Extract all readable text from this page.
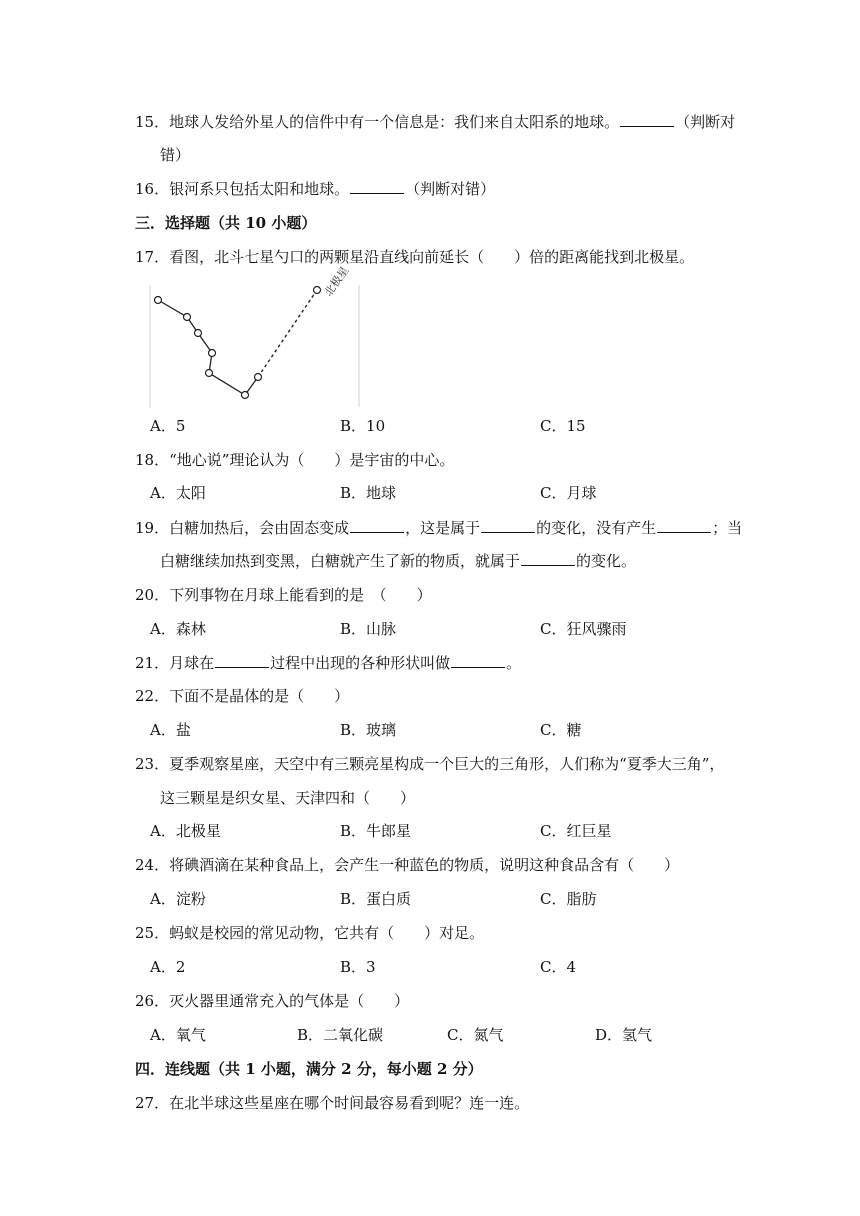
15．地球人发给外星人的信件中有一个信息是：我们来自太阳系的地球。	（判断对
错）
16．银河系只包括太阳和地球。	（判断对错）
三．选择题（共 10 小题）
17．看图，北斗七星勺口的两颗星沿直线向前延长（　　）倍的距离能找到北极星。
北极星
A．5	B．10	C．15
18．“地心说”理论认为（　　）是宇宙的中心。
A．太阳	B．地球	C．月球
19．白糖加热后，会由固态变成	，这是属于	的变化，没有产生	；当
白糖继续加热到变黑，白糖就产生了新的物质，就属于	的变化。
20．下列事物在月球上能看到的是　（　　）
A．森林	B．山脉	C．狂风骤雨
21．月球在	过程中出现的各种形状叫做	。
22．下面不是晶体的是（　　）
A．盐	B．玻璃	C．糖
23．夏季观察星座，天空中有三颗亮星构成一个巨大的三角形，人们称为“夏季大三角”，
这三颗星是织女星、天津四和（　　）
A．北极星	B．牛郎星	C．红巨星
24．将碘酒滴在某种食品上，会产生一种蓝色的物质，说明这种食品含有（　　）
A．淀粉	B．蛋白质	C．脂肪
25．蚂蚁是校园的常见动物，它共有（　　）对足。
A．2	B．3	C．4
26．灭火器里通常充入的气体是（　　）
A．氧气	B．二氧化碳	C．氮气	D．氢气
四．连线题（共 1 小题，满分 2 分，每小题 2 分）
27．在北半球这些星座在哪个时间最容易看到呢？连一连。
